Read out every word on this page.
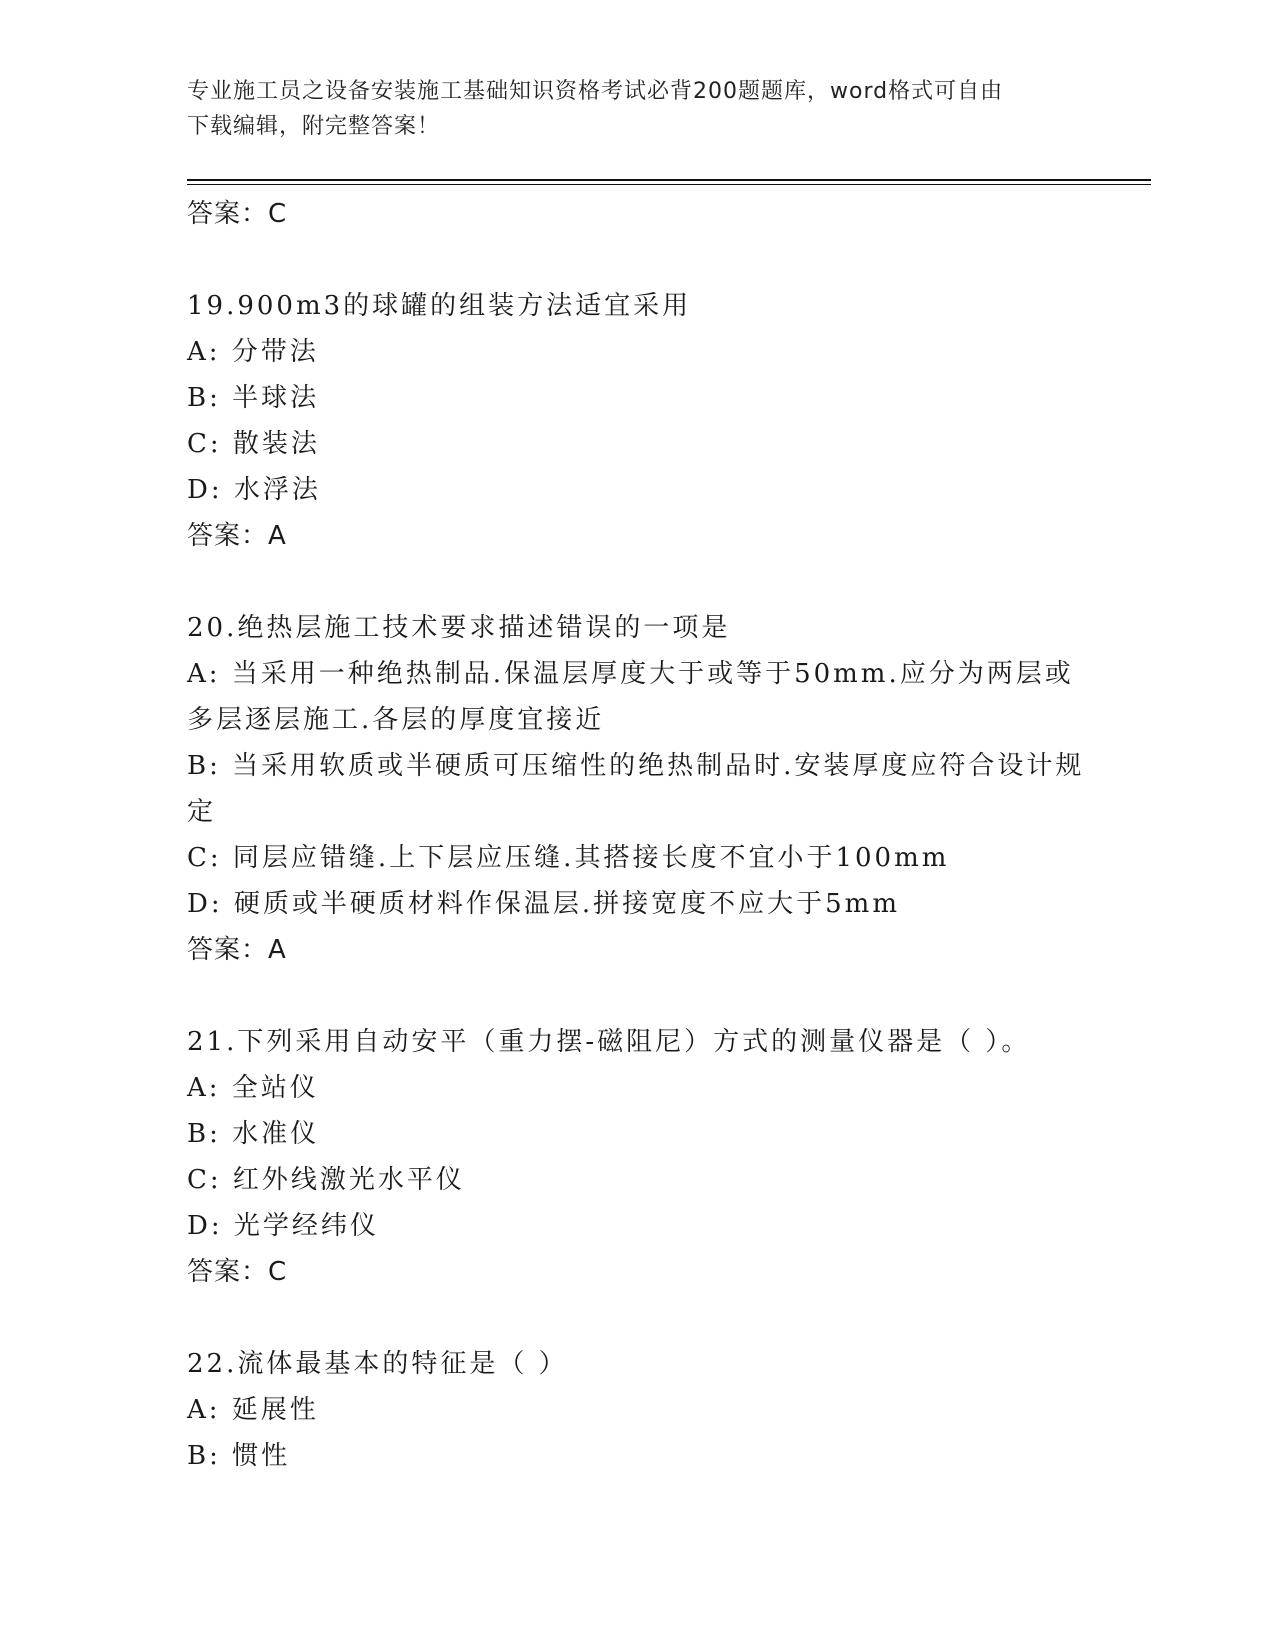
专业施工员之设备安装施工基础知识资格考试必背200题题库，word格式可自由
下载编辑，附完整答案！
答案：C
19.900m3的球罐的组装方法适宜采用
A: 分带法
B: 半球法
C: 散装法
D: 水浮法
答案：A
20.绝热层施工技术要求描述错误的一项是
A: 当采用一种绝热制品.保温层厚度大于或等于50mm.应分为两层或多层逐层施工.各层的厚度宜接近
B: 当采用软质或半硬质可压缩性的绝热制品时.安装厚度应符合设计规定
C: 同层应错缝.上下层应压缝.其搭接长度不宜小于100mm
D: 硬质或半硬质材料作保温层.拼接宽度不应大于5mm
答案：A
21.下列采用自动安平（重力摆-磁阻尼）方式的测量仪器是（ ）。
A: 全站仪
B: 水准仪
C: 红外线激光水平仪
D: 光学经纬仪
答案：C
22.流体最基本的特征是（ ）
A: 延展性
B: 惯性
